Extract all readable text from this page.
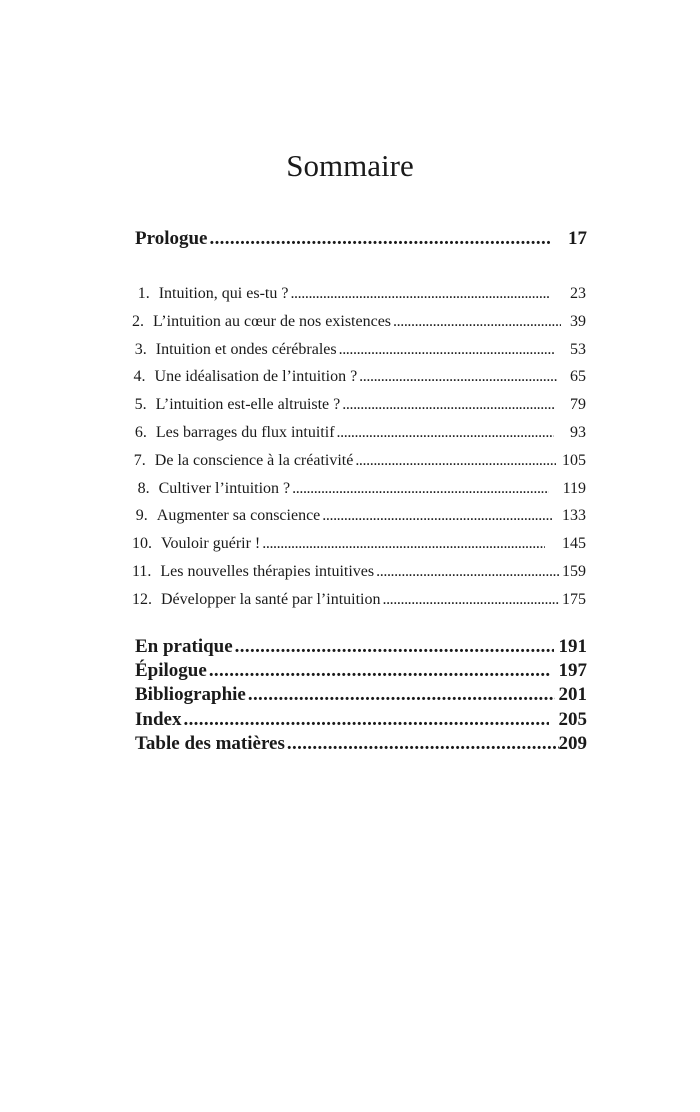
Sommaire
Prologue . . .	17
1. Intuition, qui es-tu ? . . .	23
2. L’intuition au cœur de nos existences . . .	39
3. Intuition et ondes cérébrales . . .	53
4. Une idéalisation de l’intuition ? . . .	65
5. L’intuition est-elle altruiste ? . . .	79
6. Les barrages du flux intuitif . . .	93
7. De la conscience à la créativité . . .	105
8. Cultiver l’intuition ? . . .	119
9. Augmenter sa conscience . . .	133
10. Vouloir guérir ! . . .	145
11. Les nouvelles thérapies intuitives . . .	159
12. Développer la santé par l’intuition . . .	175
En pratique . . .	191
Épilogue . . .	197
Bibliographie . . .	201
Index . . .	205
Table des matières . . .	209
